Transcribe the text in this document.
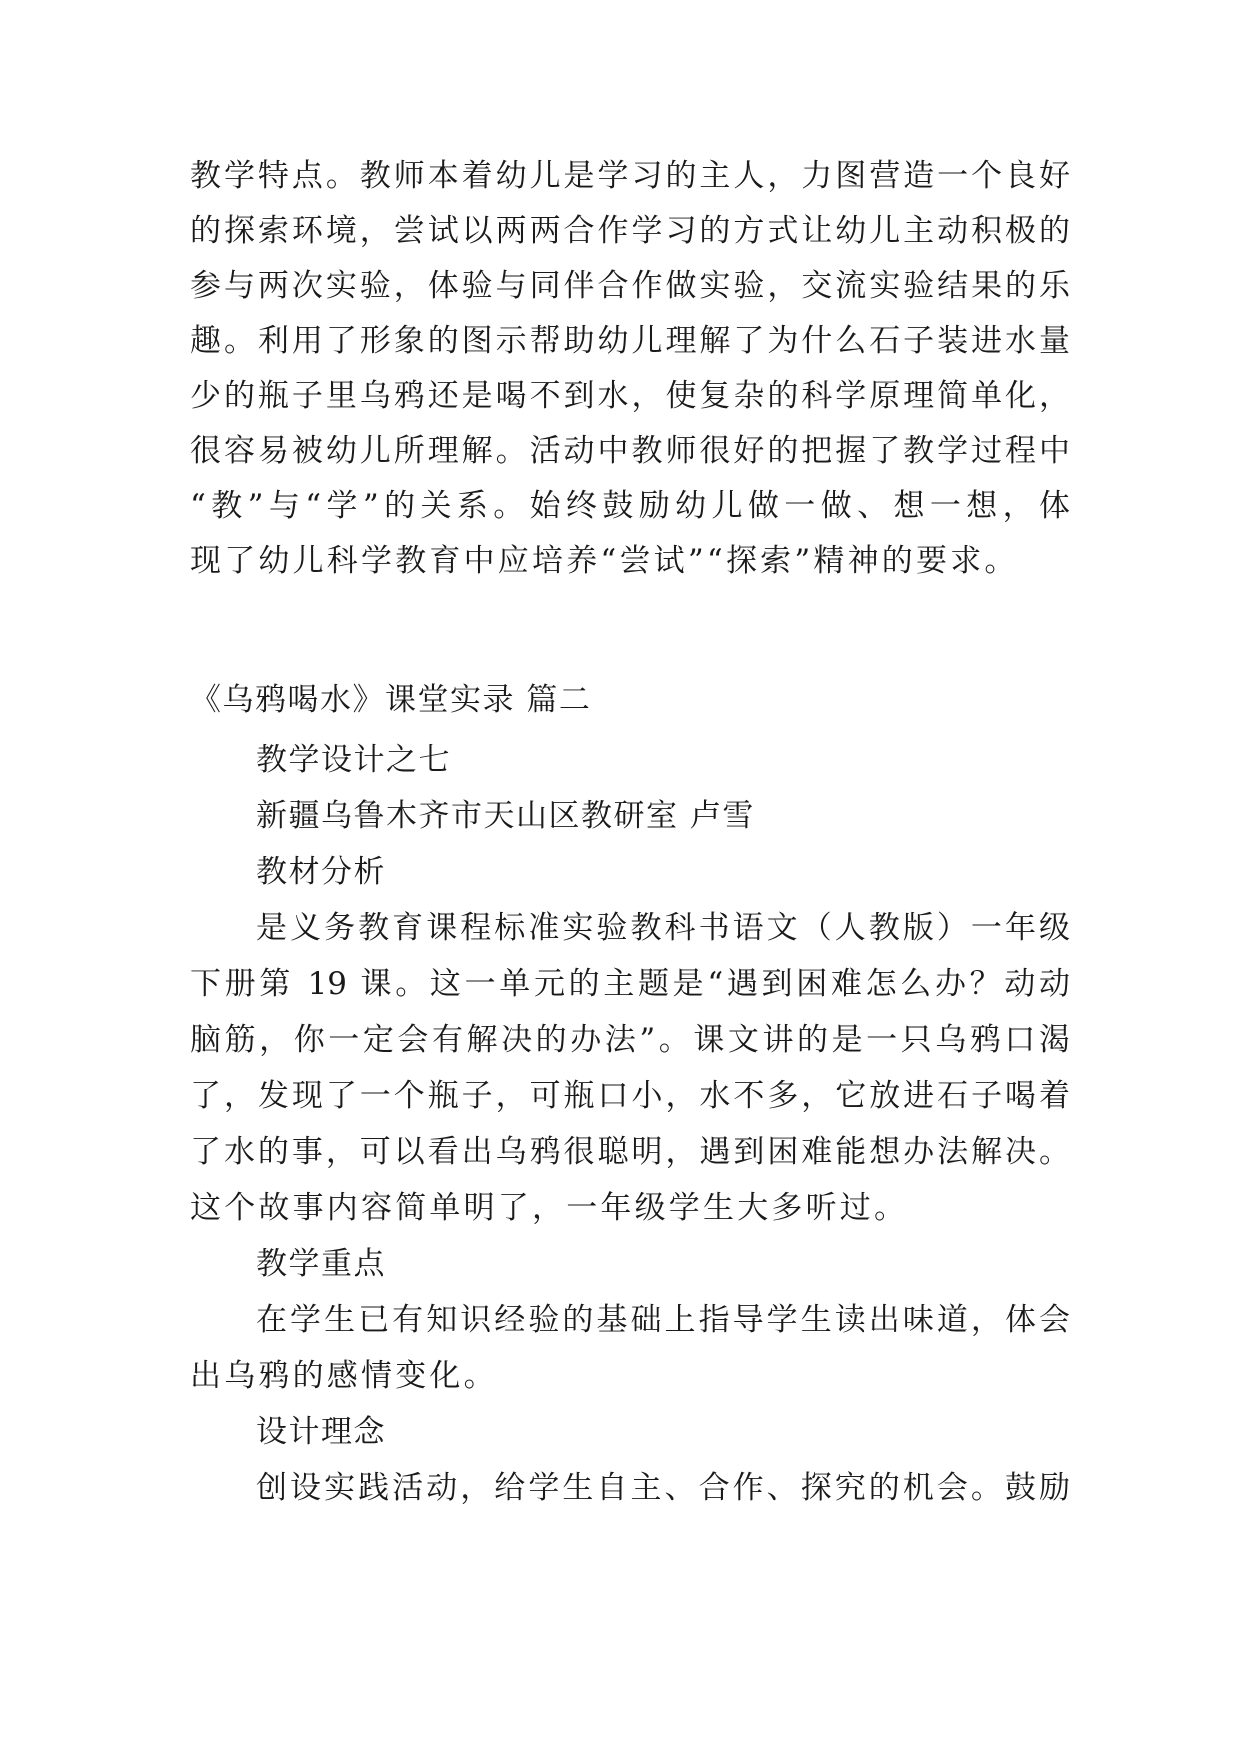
教学特点。教师本着幼儿是学习的主人，力图营造一个良好
的探索环境，尝试以两两合作学习的方式让幼儿主动积极的
参与两次实验，体验与同伴合作做实验，交流实验结果的乐
趣。利用了形象的图示帮助幼儿理解了为什么石子装进水量
少的瓶子里乌鸦还是喝不到水，使复杂的科学原理简单化，
很容易被幼儿所理解。活动中教师很好的把握了教学过程中
“教”与“学”的关系。始终鼓励幼儿做一做、想一想，体
现了幼儿科学教育中应培养“尝试”“探索”精神的要求。
《乌鸦喝水》课堂实录 篇二
教学设计之七
新疆乌鲁木齐市天山区教研室 卢雪
教材分析
是义务教育课程标准实验教科书语文（人教版）一年级
下册第 19 课。这一单元的主题是“遇到困难怎么办？动动
脑筋，你一定会有解决的办法”。课文讲的是一只乌鸦口渴
了，发现了一个瓶子，可瓶口小，水不多，它放进石子喝着
了水的事，可以看出乌鸦很聪明，遇到困难能想办法解决。
这个故事内容简单明了，一年级学生大多听过。
教学重点
在学生已有知识经验的基础上指导学生读出味道，体会
出乌鸦的感情变化。
设计理念
创设实践活动，给学生自主、合作、探究的机会。鼓励
